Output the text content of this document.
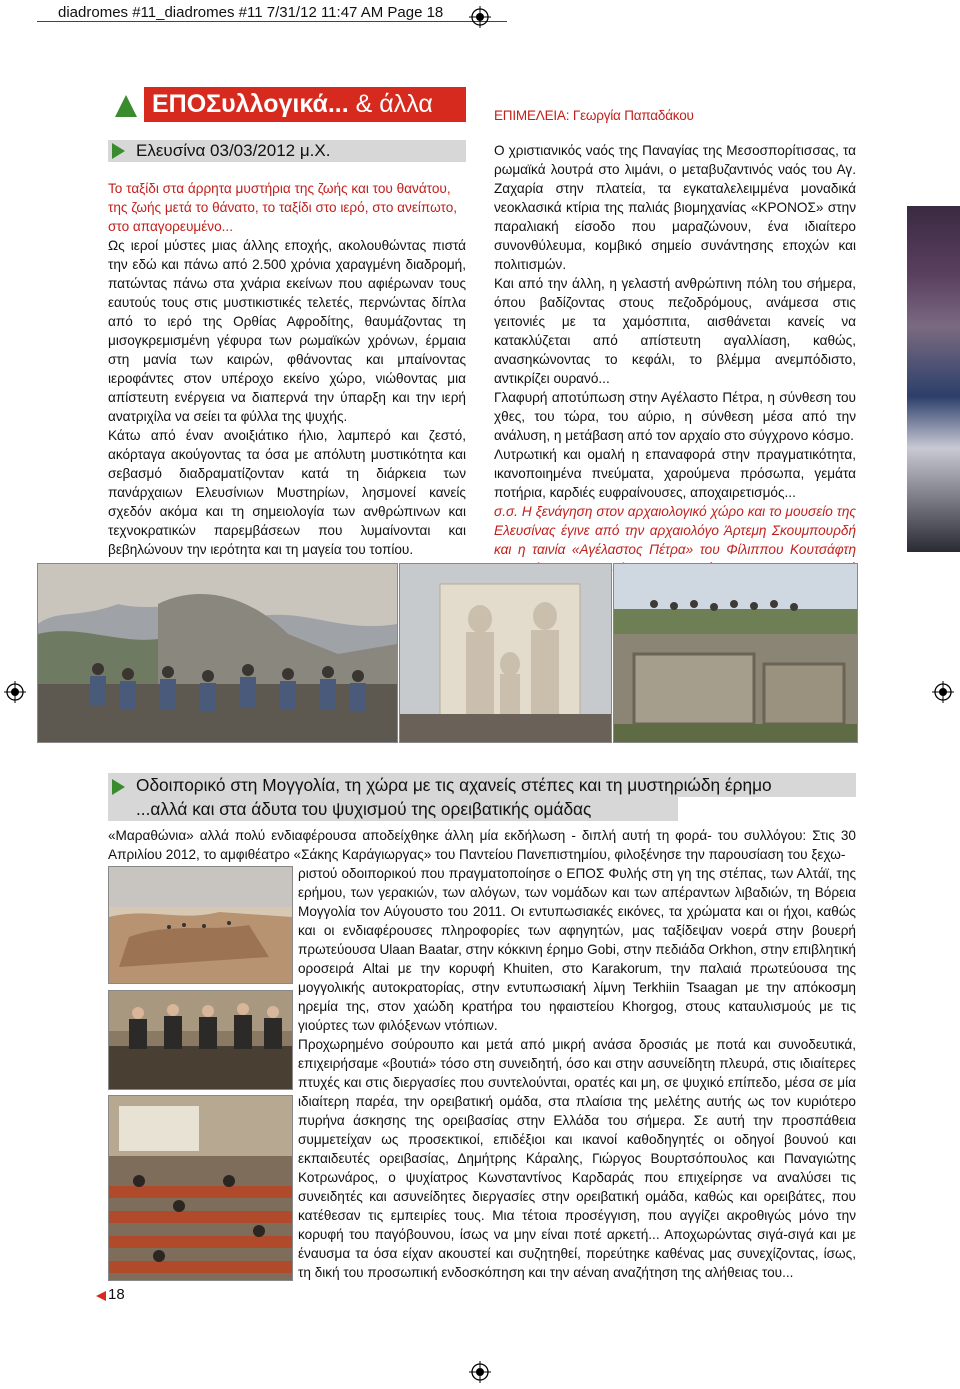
diadromes #11_diadromes #11 7/31/12 11:47 AM Page 18
ΕΠΟΣυλλογικά... & άλλα	ΕΠΙΜΕΛΕΙΑ: Γεωργία Παπαδάκου
Ελευσίνα 03/03/2012 μ.Χ.

Το ταξίδι στα άρρητα μυστήρια της ζωής και του θανάτου, της ζωής μετά το θάνατο, το ταξίδι στο ιερό, στο ανείπωτο, στο απαγορευμένο...

Ως ιεροί μύστες μιας άλλης εποχής, ακολουθώντας πιστά την εδώ και πάνω από 2.500 χρόνια χαραγμένη διαδρομή, πατώντας πάνω στα χνάρια εκείνων που αφιέρωναν τους εαυτούς τους στις μυστικιστικές τελετές, περνώντας δίπλα από το ιερό της Ορθίας Αφροδίτης, θαυμάζοντας τη μισογκρεμισμένη γέφυρα των ρωμαϊκών χρόνων, έρμαια στη μανία των καιρών, φθάνοντας και μπαίνοντας ιεροφάντες στον υπέροχο εκείνο χώρο, νιώθοντας μια απίστευτη ενέργεια να διαπερνά την ύπαρξη και την ιερή ανατριχίλα να σείει τα φύλλα της ψυχής.

Κάτω από έναν ανοιξιάτικο ήλιο, λαμπερό και ζεστό, ακόρταγα ακούγοντας τα όσα με απόλυτη μυστικότητα και σεβασμό διαδραματίζονταν κατά τη διάρκεια των πανάρχαιων Ελευσίνιων Μυστηρίων, λησμονεί κανείς σχεδόν ακόμα και τη σημειολογία των ανθρώπινων και τεχνοκρατικών παρεμβάσεων που λυμαίνονται και βεβηλώνουν την ιερότητα και τη μαγεία του τοπίου.

Ο χριστιανικός ναός της Παναγίας της Μεσοσπορίτισσας, τα ρωμαϊκά λουτρά στο λιμάνι, ο μεταβυζαντινός ναός του Αγ. Ζαχαρία στην πλατεία, τα εγκαταλελειμμένα μοναδικά νεοκλασικά κτίρια της παλιάς βιομηχανίας «ΚΡΟΝΟΣ» στην παραλιακή είσοδο που μαραζώνουν, ένα ιδιαίτερο συνονθύλευμα, κομβικό σημείο συνάντησης εποχών και πολιτισμών.

Και από την άλλη, η γελαστή ανθρώπινη πόλη του σήμερα, όπου βαδίζοντας στους πεζοδρόμους, ανάμεσα στις γειτονιές με τα χαμόσπιτα, αισθάνεται κανείς να κατακλύζεται από απίστευτη αγαλλίαση, καθώς, ανασηκώνοντας το κεφάλι, το βλέμμα ανεμπόδιστο, αντικρίζει ουρανό...

Γλαφυρή αποτύπωση στην Αγέλαστο Πέτρα, η σύνθεση του χθες, του τώρα, του αύριο, η σύνθεση μέσα από την ανάλυση, η μετάβαση από τον αρχαίο στο σύγχρονο κόσμο.

Λυτρωτική και ομαλή η επαναφορά στην πραγματικότητα, ικανοποιημένα πνεύματα, χαρούμενα πρόσωπα, γεμάτα ποτήρια, καρδιές ευφραίνουσες, αποχαιρετισμός...

σ.σ. Η ξενάγηση στον αρχαιολογικό χώρο και το μουσείο της Ελευσίνας έγινε από την αρχαιολόγο Άρτεμη Σκουμπουρδή και η ταινία «Αγέλαστος Πέτρα» του Φίλιππου Κουτσάφτη

Οδοιπορικό στη Μογγολία, τη χώρα με τις αχανείς στέπες και τη μυστηριώδη έρημο
...αλλά και στα άδυτα του ψυχισμού της ορειβατικής ομάδας
«Μαραθώνια» αλλά πολύ ενδιαφέρουσα αποδείχθηκε άλλη μία εκδήλωση - διπλή αυτή τη φορά- του συλλόγου: Στις 30 Απριλίου 2012, το αμφιθέατρο «Σάκης Καράγιωργας» του Παντείου Πανεπιστημίου, φιλοξένησε την παρουσίαση του ξεχω-

ριστού οδοιπορικού που πραγματοποίησε ο ΕΠΟΣ Φυλής στη γη της στέπας, των Αλτάϊ, της ερήμου, των γερακιών, των αλόγων, των νομάδων και των απέραντων λιβαδιών, τη Βόρεια Μογγολία τον Αύγουστο του 2011. Οι εντυπωσιακές εικόνες, τα χρώματα και οι ήχοι, καθώς και οι ενδιαφέρουσες πληροφορίες των αφηγητών, μας ταξίδεψαν νοερά στην βουερή πρωτεύουσα Ulaan Baatar, στην κόκκινη έρημο Gobi, στην πεδιάδα Orkhon, στην επιβλητική οροσειρά Altai με την κορυφή Khuiten, στο Karakorum, την παλαιά πρωτεύουσα της μογγολικής αυτοκρατορίας, στην εντυπωσιακή λίμνη Terkhiin Tsaagan με την απόκοσμη ηρεμία της, στον χαώδη κρατήρα του ηφαιστείου Khorgog, στους καταυλισμούς με τις γιούρτες των φιλόξενων ντόπιων.

Προχωρημένο σούρουπο και μετά από μικρή ανάσα δροσιάς με ποτά και συνοδευτικά, επιχειρήσαμε «βουτιά» τόσο στη συνειδητή, όσο και στην ασυνείδητη πλευρά, στις ιδιαίτερες πτυχές και στις διεργασίες που συντελούνται, ορατές και μη, σε ψυχικό επίπεδο, μέσα σε μία ιδιαίτερη παρέα, την ορειβατική ομάδα, στα πλαίσια της μελέτης αυτής ως τον κυριότερο πυρήνα άσκησης της ορειβασίας στην Ελλάδα του σήμερα. Σε αυτή την προσπάθεια συμμετείχαν ως προσεκτικοί, επιδέξιοι και ικανοί καθοδηγητές οι οδηγοί βουνού και εκπαιδευτές ορειβασίας, Δημήτρης Κάραλης, Γιώργος Βουρτσόπουλος και Παναγιώτης Κοτρωνάρος, ο ψυχίατρος Κωνσταντίνος Καρδαράς που επιχείρησε να αναλύσει τις συνειδητές και ασυνείδητες διεργασίες στην ορειβατική ομάδα, καθώς και ορειβάτες, που κατέθεσαν τις εμπειρίες τους. Μια τέτοια προσέγγιση, που αγγίζει ακροθιγώς μόνο την κορυφή του παγόβουνου, ίσως να μην είναι ποτέ αρκετή... Αποχωρώντας σιγά-σιγά και με έναυσμα τα όσα είχαν ακουστεί και συζητηθεί, πορεύτηκε καθένας μας συνεχίζοντας, ίσως, τη δική του προσωπική ενδοσκόπηση και την αέναη αναζήτηση της αλήθειας του...

18
